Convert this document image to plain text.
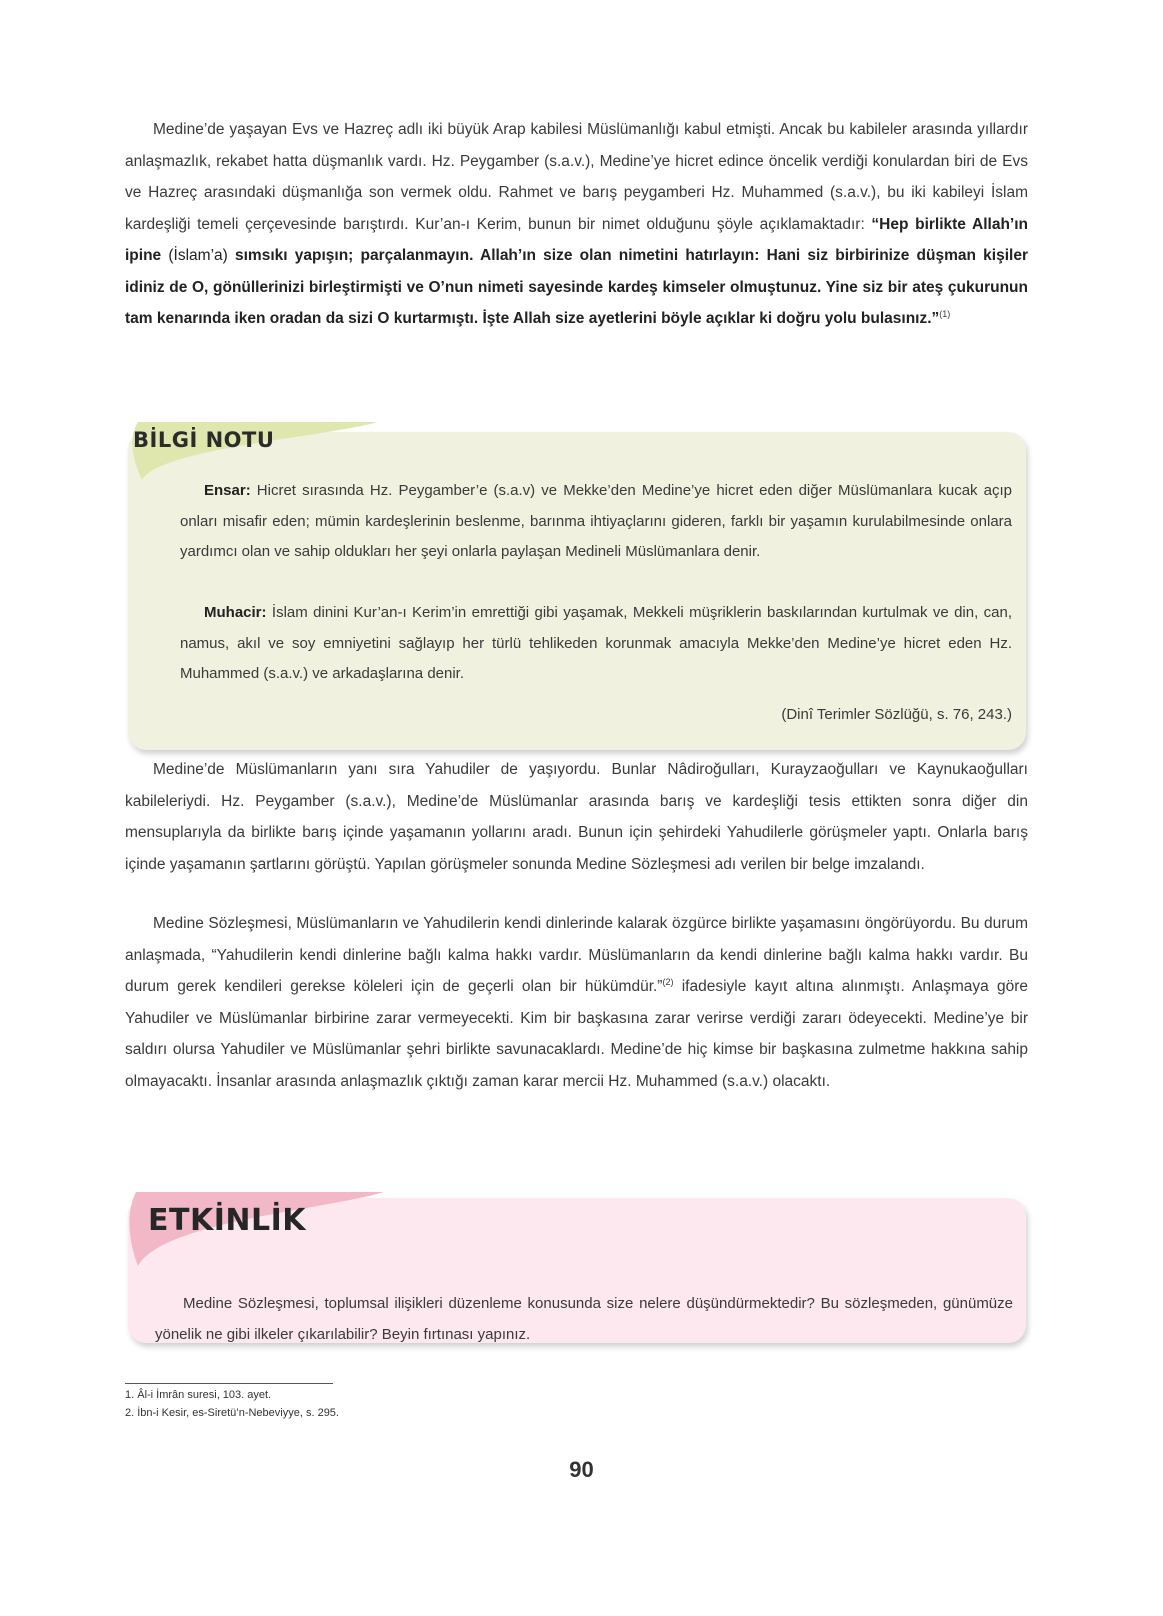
Medine’de yaşayan Evs ve Hazreç adlı iki büyük Arap kabilesi Müslümanlığı kabul etmişti. Ancak bu kabileler arasında yıllardır anlaşmazlık, rekabet hatta düşmanlık vardı. Hz. Peygamber (s.a.v.), Medine’ye hicret edince öncelik verdiği konulardan biri de Evs ve Hazreç arasındaki düşmanlığa son vermek oldu. Rahmet ve barış peygamberi Hz. Muhammed (s.a.v.), bu iki kabileyi İslam kardeşliği temeli çerçevesinde barıştırdı. Kur’an-ı Kerim, bunun bir nimet olduğunu şöyle açıklamaktadır: “Hep birlikte Allah’ın ipine (İslam’a) sımsıkı yapışın; parçalanmayın. Allah’ın size olan nimetini hatırlayın: Hani siz birbirinize düşman kişiler idiniz de O, gönüllerinizi birleştirmişti ve O’nun nimeti sayesinde kardeş kimseler olmuştunuz. Yine siz bir ateş çukurunun tam kenarında iken oradan da sizi O kurtarmıştı. İşte Allah size ayetlerini böyle açıklar ki doğru yolu bulasınız.”$^{(1)}$

BİLGİ NOTU

Ensar: Hicret sırasında Hz. Peygamber’e (s.a.v) ve Mekke’den Medine’ye hicret eden diğer Müslümanlara kucak açıp onları misafir eden; mümin kardeşlerinin beslenme, barınma ihtiyaçlarını gideren, farklı bir yaşamın kurulabilmesinde onlara yardımcı olan ve sahip oldukları her şeyi onlarla paylaşan Medineli Müslümanlara denir.

Muhacir: İslam dinini Kur’an-ı Kerim’in emrettiği gibi yaşamak, Mekkeli müşriklerin baskılarından kurtulmak ve din, can, namus, akıl ve soy emniyetini sağlayıp her türlü tehlikeden korunmak amacıyla Mekke’den Medine’ye hicret eden Hz. Muhammed (s.a.v.) ve arkadaşlarına denir.

(Dinî Terimler Sözlüğü, s. 76, 243.)

Medine’de Müslümanların yanı sıra Yahudiler de yaşıyordu. Bunlar Nâdiroğulları, Kurayzaoğulları ve Kaynukaoğulları kabileleriydi. Hz. Peygamber (s.a.v.), Medine’de Müslümanlar arasında barış ve kardeşliği tesis ettikten sonra diğer din mensuplarıyla da birlikte barış içinde yaşamanın yollarını aradı. Bunun için şehirdeki Yahudilerle görüşmeler yaptı. Onlarla barış içinde yaşamanın şartlarını görüştü. Yapılan görüşmeler sonunda Medine Sözleşmesi adı verilen bir belge imzalandı.

Medine Sözleşmesi, Müslümanların ve Yahudilerin kendi dinlerinde kalarak özgürce birlikte yaşamasını öngörüyordu. Bu durum anlaşmada, “Yahudilerin kendi dinlerine bağlı kalma hakkı vardır. Müslümanların da kendi dinlerine bağlı kalma hakkı vardır. Bu durum gerek kendileri gerekse köleleri için de geçerli olan bir hükümdür.”$^{(2)}$ ifadesiyle kayıt altına alınmıştı. Anlaşmaya göre Yahudiler ve Müslümanlar birbirine zarar vermeyecekti. Kim bir başkasına zarar verirse verdiği zararı ödeyecekti. Medine’ye bir saldırı olursa Yahudiler ve Müslümanlar şehri birlikte savunacaklardı. Medine’de hiç kimse bir başkasına zulmetme hakkına sahip olmayacaktı. İnsanlar arasında anlaşmazlık çıktığı zaman karar mercii Hz. Muhammed (s.a.v.) olacaktı.

ETKİNLİK

Medine Sözleşmesi, toplumsal ilişikleri düzenleme konusunda size nelere düşündürmektedir? Bu sözleşmeden, günümüze yönelik ne gibi ilkeler çıkarılabilir? Beyin fırtınası yapınız.

1. Âl-i İmrân suresi, 103. ayet.

2. İbn-i Kesir, es-Siretü’n-Nebeviyye, s. 295.

90
